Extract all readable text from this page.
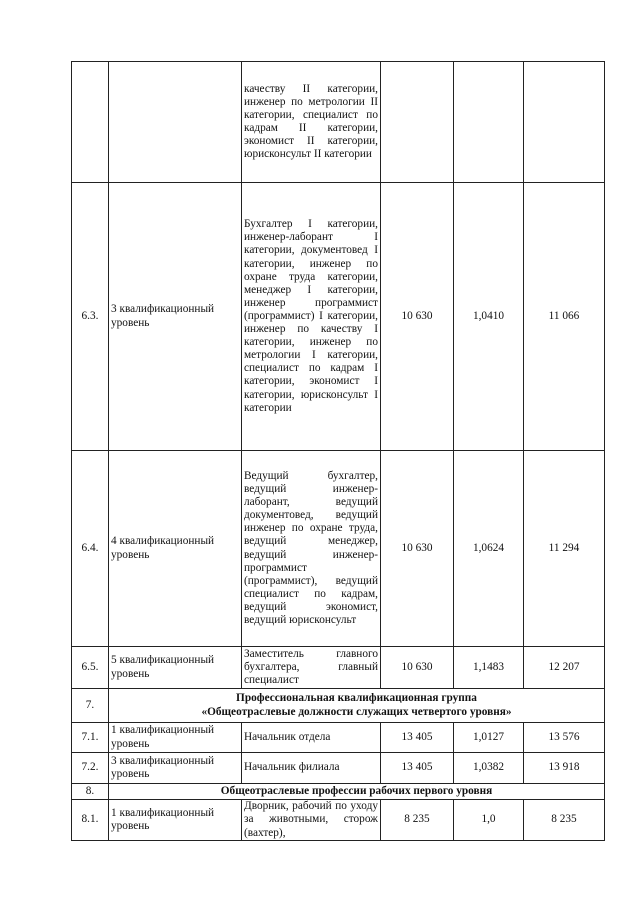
		качеству II категории, инженер по метрологии II категории, специалист по кадрам II категории, экономист II категории, юрисконсульт II категории			
6.3.	3 квалификационный уровень	Бухгалтер I категории, инженер-лаборант I категории, документовед I категории, инженер по охране труда категории, менеджер I категории, инженер программист (программист) I категории, инженер по качеству I категории, инженер по метрологии I категории, специалист по кадрам I категории, экономист I категории, юрисконсульт I категории	10 630	1,0410	11 066
6.4.	4 квалификационный уровень	Ведущий бухгалтер, ведущий инженер-лаборант, ведущий документовед, ведущий инженер по охране труда, ведущий менеджер, ведущий инженер-программист (программист), ведущий специалист по кадрам, ведущий экономист, ведущий юрисконсульт	10 630	1,0624	11 294
6.5.	5 квалификационный уровень	Заместитель главного бухгалтера, главный специалист	10 630	1,1483	12 207
7.	Профессиональная квалификационная группа
«Общеотраслевые должности служащих четвертого уровня»				

7.1.	1 квалификационный уровень	Начальник отдела	13 405	1,0127	13 576
7.2.	3 квалификационный уровень	Начальник филиала	13 405	1,0382	13 918
8.	Общеотраслевые профессии рабочих первого уровня				
8.1.	1 квалификационный уровень	Дворник, рабочий по уходу за животными, сторож (вахтер),	8 235	1,0	8 235
